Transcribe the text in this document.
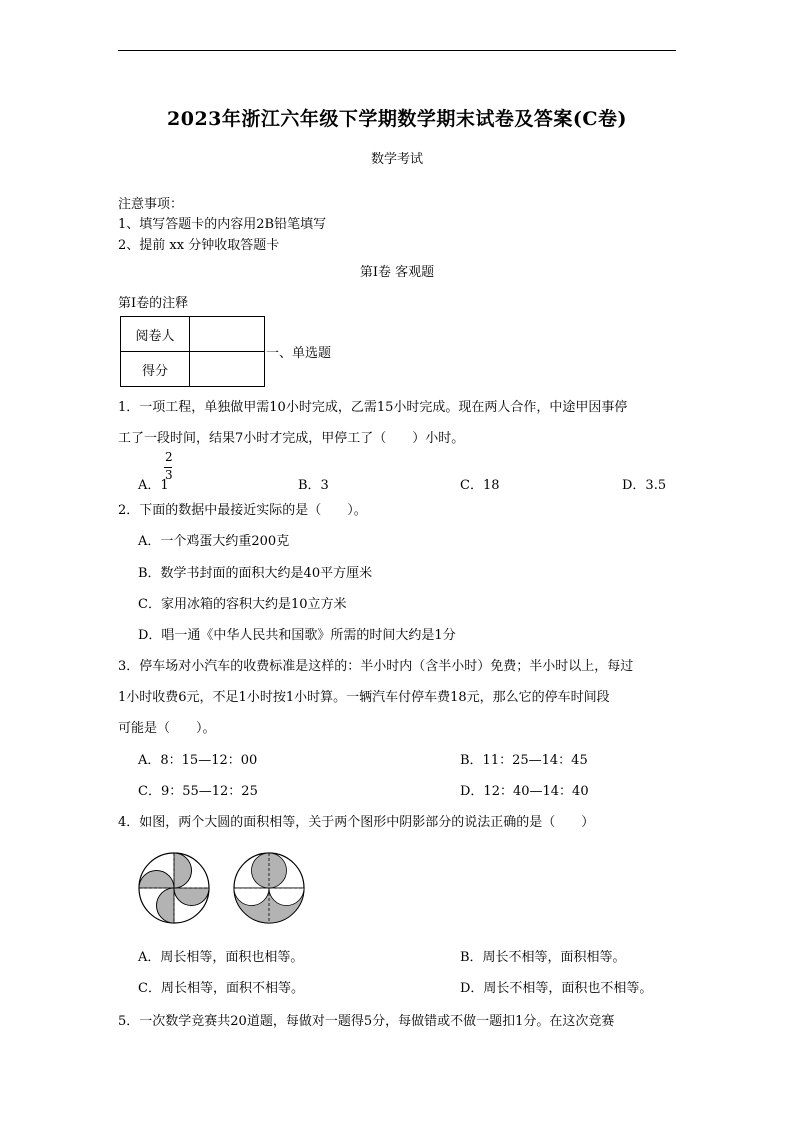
2023年浙江六年级下学期数学期末试卷及答案(C卷)
数学考试
注意事项：
1、填写答题卡的内容用2B铅笔填写
2、提前 xx 分钟收取答题卡
第Ⅰ卷 客观题
第Ⅰ卷的注释
阅卷人	
得分	
一、单选题
1．一项工程，单独做甲需10小时完成，乙需15小时完成。现在两人合作，中途甲因事停
工了一段时间，结果7小时才完成，甲停工了（　　）小时。
A．1
2
3
B．3	C．18	D．3.5
2．下面的数据中最接近实际的是（　　）。
A．一个鸡蛋大约重200克
B．数学书封面的面积大约是40平方厘米
C．家用冰箱的容积大约是10立方米
D．唱一通《中华人民共和国歌》所需的时间大约是1分
3．停车场对小汽车的收费标准是这样的：半小时内（含半小时）免费；半小时以上，每过
1小时收费6元，不足1小时按1小时算。一辆汽车付停车费18元，那么它的停车时间段
可能是（　　）。
A．8：15—12：00	B．11：25—14：45
C．9：55—12：25	D．12：40—14：40
4．如图，两个大圆的面积相等，关于两个图形中阴影部分的说法正确的是（　　）
A．周长相等，面积也相等。	B．周长不相等，面积相等。
C．周长相等，面积不相等。	D．周长不相等，面积也不相等。
5．一次数学竞赛共20道题，每做对一题得5分，每做错或不做一题扣1分。在这次竞赛
